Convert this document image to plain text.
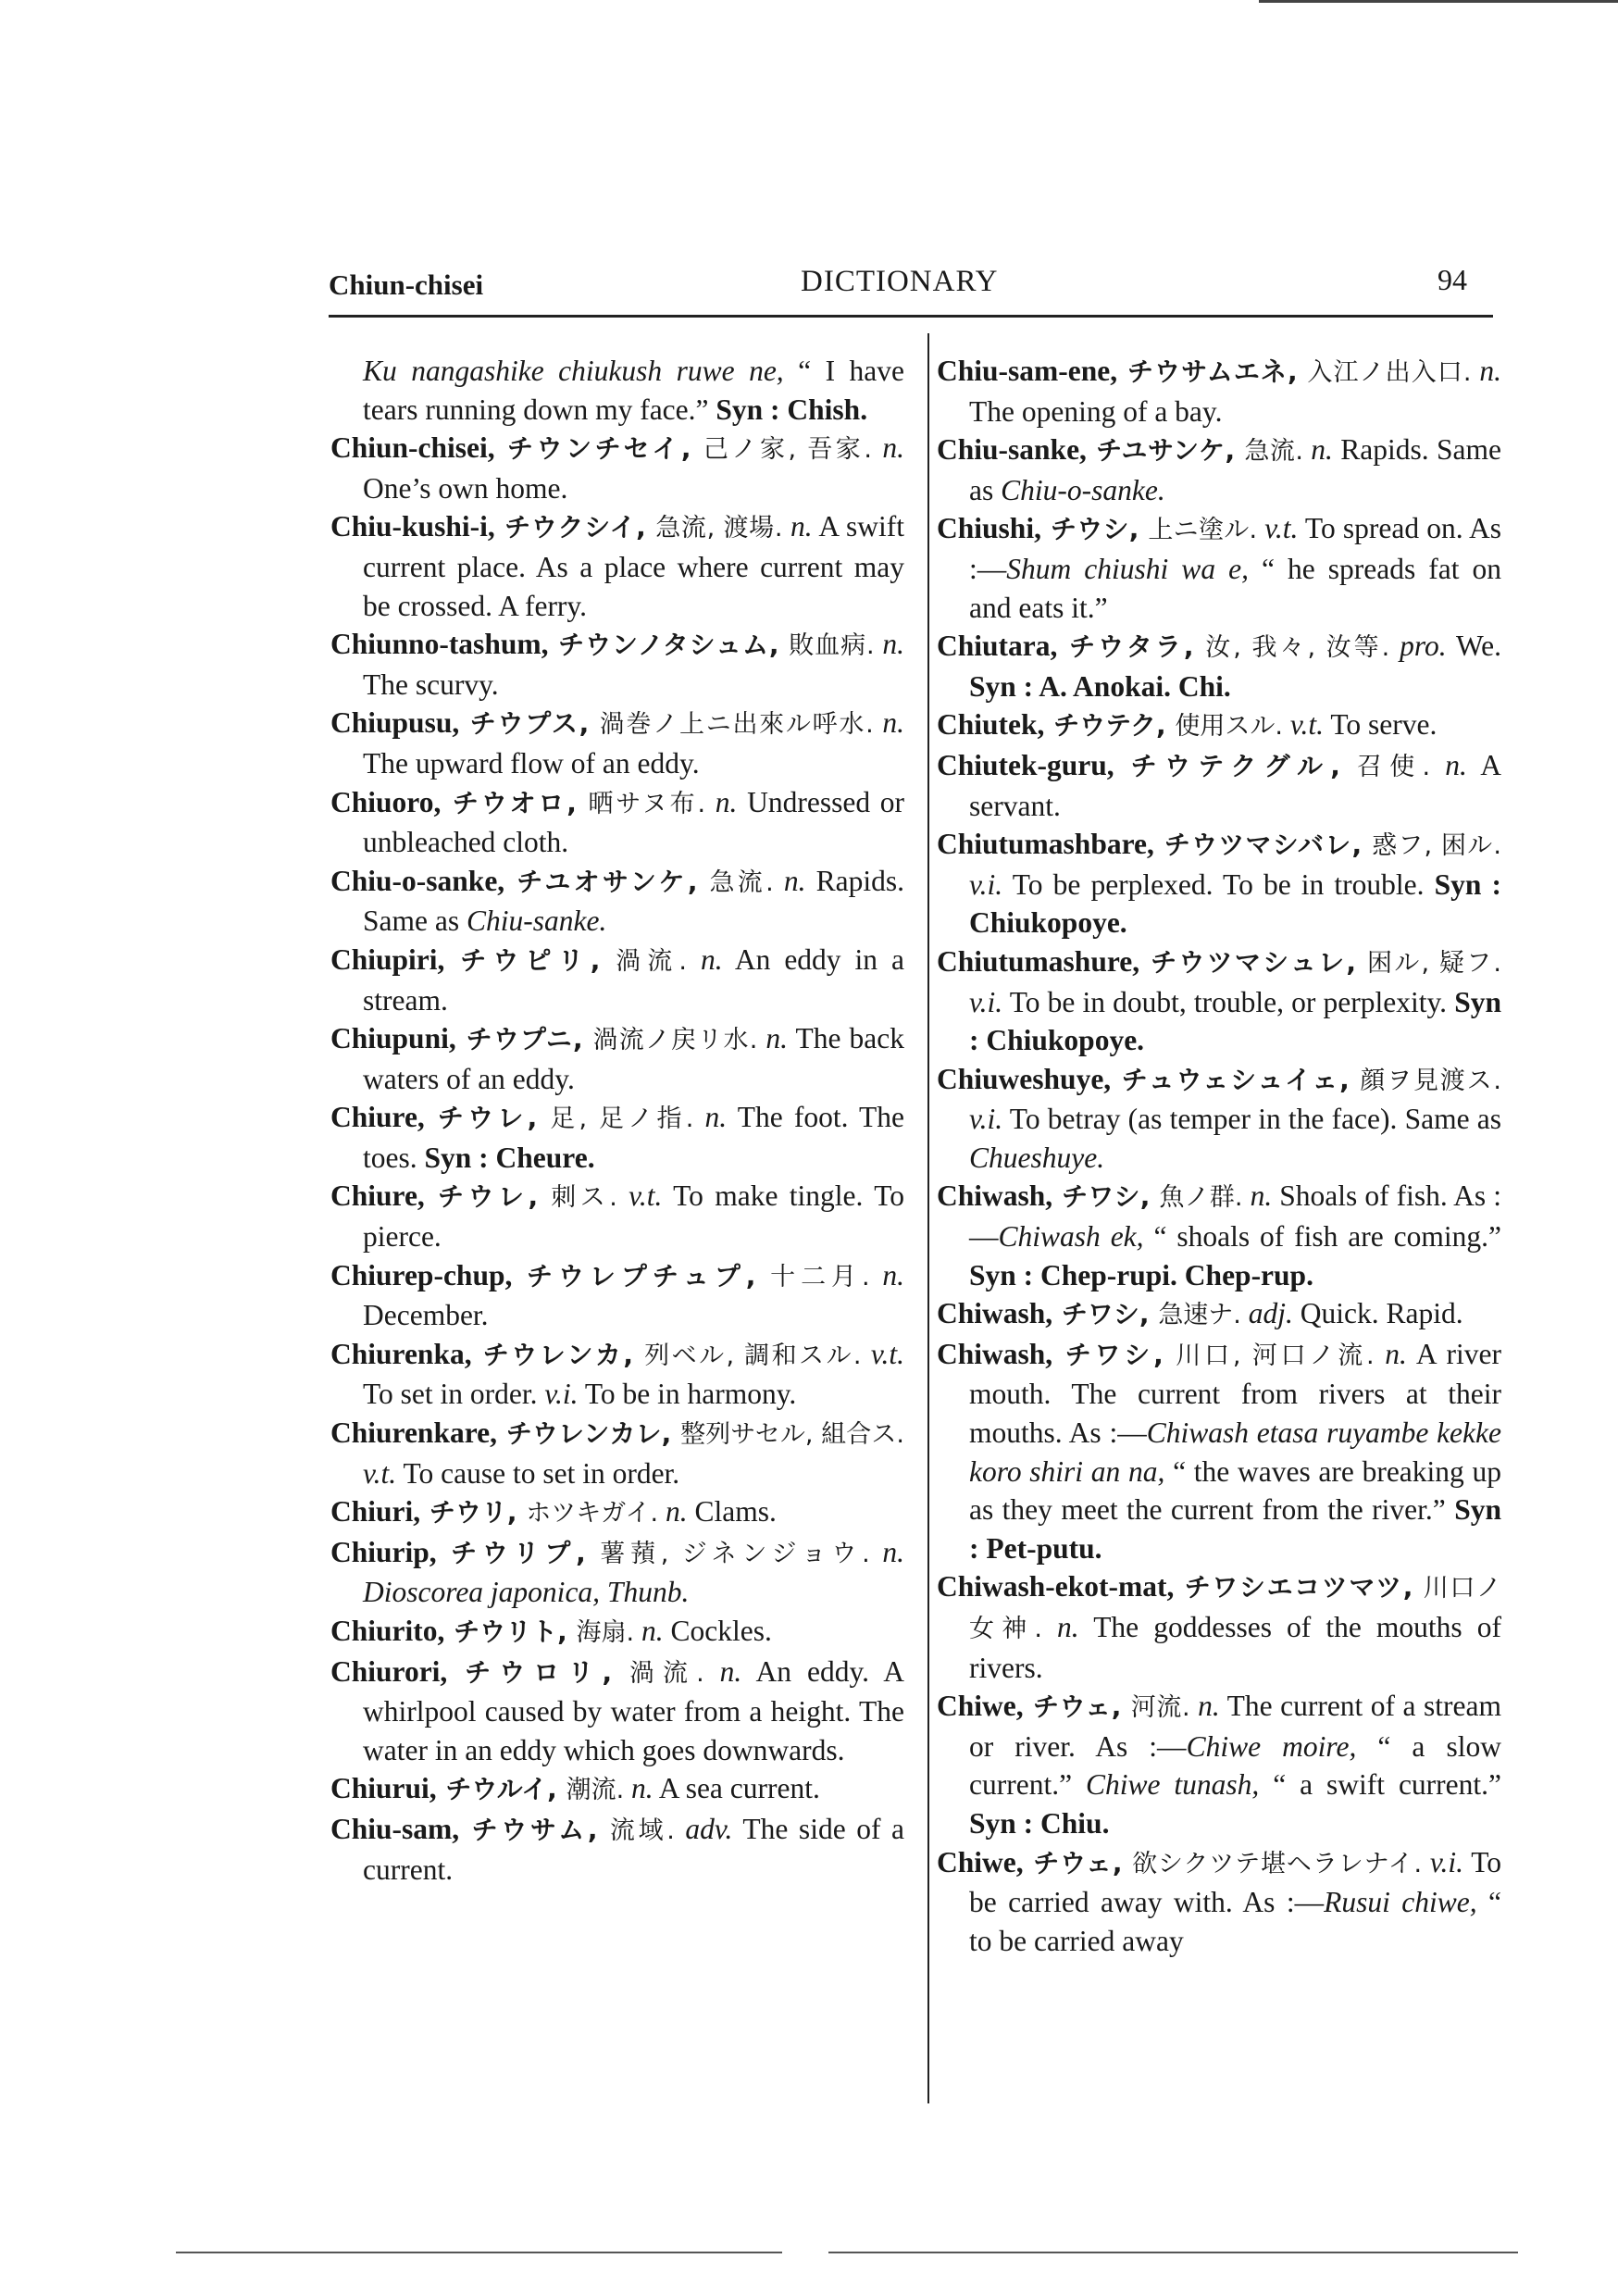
Chiun-chisei	DICTIONARY	94

Ku nangashike chiukush ruwe ne, “ I have tears running down my face.” Syn : Chish.

Chiun-chisei, チウンチセイ, 己ノ家, 吾家. n. One’s own home.

Chiu-kushi-i, チウクシイ, 急流, 渡場. n. A swift current place. As a place where current may be crossed. A ferry.

Chiunno-tashum, チウンノタシュム, 敗血病. n. The scurvy.

Chiupusu, チウプス, 渦巻ノ上ニ出來ル呼水. n. The upward flow of an eddy.

Chiuoro, チウオロ, 晒サヌ布. n. Undressed or unbleached cloth.

Chiu-o-sanke, チユオサンケ, 急流. n. Rapids. Same as Chiu-sanke.

Chiupiri, チウピリ, 渦流. n. An eddy in a stream.

Chiupuni, チウプニ, 渦流ノ戻リ水. n. The back waters of an eddy.

Chiure, チウレ, 足, 足ノ指. n. The foot. The toes. Syn : Cheure.

Chiure, チウレ, 刺ス. v.t. To make tingle. To pierce.

Chiurep-chup, チウレプチュプ, 十二月. n. December.

Chiurenka, チウレンカ, 列ベル, 調和スル. v.t. To set in order. v.i. To be in harmony.

Chiurenkare, チウレンカレ, 整列サセル, 組合ス. v.t. To cause to set in order.

Chiuri, チウリ, ホツキガイ. n. Clams.

Chiurip, チウリプ, 薯蕷, ジネンジョウ. n. Dioscorea japonica, Thunb.

Chiurito, チウリト, 海扇. n. Cockles.

Chiurori, チウロリ, 渦流. n. An eddy. A whirlpool caused by water from a height. The water in an eddy which goes downwards.

Chiurui, チウルイ, 潮流. n. A sea current.

Chiu-sam, チウサム, 流域. adv. The side of a current.

Chiu-sam-ene, チウサムエネ, 入江ノ出入口. n. The opening of a bay.

Chiu-sanke, チユサンケ, 急流. n. Rapids. Same as Chiu-o-sanke.

Chiushi, チウシ, 上ニ塗ル. v.t. To spread on. As :—Shum chiushi wa e, “ he spreads fat on and eats it.”

Chiutara, チウタラ, 汝, 我々, 汝等. pro. We. Syn : A. Anokai. Chi.

Chiutek, チウテク, 使用スル. v.t. To serve.

Chiutek-guru, チウテクグル, 召使. n. A servant.

Chiutumashbare, チウツマシバレ, 惑フ, 困ル. v.i. To be perplexed. To be in trouble. Syn : Chiukopoye.

Chiutumashure, チウツマシュレ, 困ル, 疑フ. v.i. To be in doubt, trouble, or perplexity. Syn : Chiukopoye.

Chiuweshuye, チュウェシュイェ, 顔ヲ見渡ス. v.i. To betray (as temper in the face). Same as Chueshuye.

Chiwash, チワシ, 魚ノ群. n. Shoals of fish. As :—Chiwash ek, “ shoals of fish are coming.” Syn : Chep-rupi. Chep-rup.

Chiwash, チワシ, 急速ナ. adj. Quick. Rapid.

Chiwash, チワシ, 川口, 河口ノ流. n. A river mouth. The current from rivers at their mouths. As :—Chiwash etasa ruyambe kekke koro shiri an na, “ the waves are breaking up as they meet the current from the river.” Syn : Pet-putu.

Chiwash-ekot-mat, チワシエコツマツ, 川口ノ女神. n. The goddesses of the mouths of rivers.

Chiwe, チウェ, 河流. n. The current of a stream or river. As :—Chiwe moire, “ a slow current.” Chiwe tunash, “ a swift current.” Syn : Chiu.

Chiwe, チウェ, 欲シクツテ堪ヘラレナイ. v.i. To be carried away with. As :—Rusui chiwe, “ to be carried away
